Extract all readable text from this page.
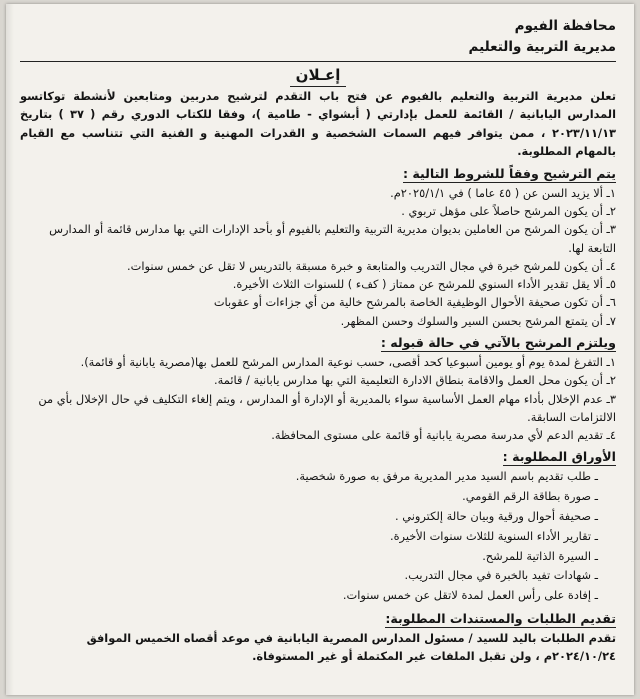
محافظة الفيوم
مديرية التربية والتعليم
إعـلان
تعلن مديرية التربية والتعليم بالفيوم عن فتح باب التقدم لترشيح مدربين ومتابعين لأنشطة توكاتسو المدارس اليابانية / القائمة للعمل بإدارتي ( أبشواي - طامية )، وفقا للكتاب الدوري رقم ( ٣٧ ) بتاريخ ٢٠٢٣/١١/١٣ ، ممن يتوافر فيهم السمات الشخصية و القدرات المهنية و الفنية التي تتناسب مع القيام بالمهام المطلوبة.
يتم الترشيح وفقاً للشروط التالية :
١ـ ألا يزيد السن عن ( ٤٥ عاما ) في ٢٠٢٥/١/١م.
٢ـ أن يكون المرشح حاصلاً على مؤهل تربوي .
٣ـ أن يكون المرشح من العاملين بديوان مديرية التربية والتعليم بالفيوم أو بأحد الإدارات التي بها مدارس قائمة أو المدارس التابعة لها.
٤ـ أن يكون للمرشح خبرة في مجال التدريب والمتابعة و خبرة مسبقة بالتدريس لا تقل عن خمس سنوات.
٥ـ ألا يقل تقدير الأداء السنوي للمرشح عن ممتاز ( كفء ) للسنوات الثلاث الأخيرة.
٦ـ أن تكون صحيفة الأحوال الوظيفية الخاصة بالمرشح خالية من أي جزاءات أو عقوبات
٧ـ أن يتمتع المرشح بحسن السير والسلوك وحسن المظهر.
ويلتزم المرشح بالآتي في حالة قبوله :
١ـ التفرغ لمدة يوم أو يومين أسبوعيا كحد أقصى، حسب نوعية المدارس المرشح للعمل بها(مصرية يابانية أو قائمة).
٢ـ أن يكون محل العمل والاقامة بنطاق الادارة التعليمية التي بها مدارس يابانية / قائمة.
٣ـ عدم الإخلال بأداء مهام العمل الأساسية سواء بالمديرية أو الإدارة أو المدارس ، ويتم إلغاء التكليف في حال الإخلال بأي من الالتزامات السابقة.
٤ـ تقديم الدعم لأي مدرسة مصرية يابانية أو قائمة على مستوى المحافظة.
الأوراق المطلوبة :
ـ طلب تقديم باسم السيد مدير المديرية مرفق به صورة شخصية.
ـ صورة بطاقة الرقم القومي.
ـ صحيفة أحوال ورقية وبيان حالة إلكتروني .
ـ تقارير الأداء السنوية للثلاث سنوات الأخيرة.
ـ السيرة الذاتية للمرشح.
ـ شهادات تفيد بالخبرة في مجال التدريب.
ـ إفادة على رأس العمل لمدة لاتقل عن خمس سنوات.
تقديم الطلبات والمستندات المطلوبة:
تقدم الطلبات باليد للسيد / مسئول المدارس المصرية اليابانية في موعد أقصاه الخميس الموافق ٢٠٢٤/١٠/٢٤م ، ولن تقبل الملفات غير المكتملة أو غير المستوفاة.
